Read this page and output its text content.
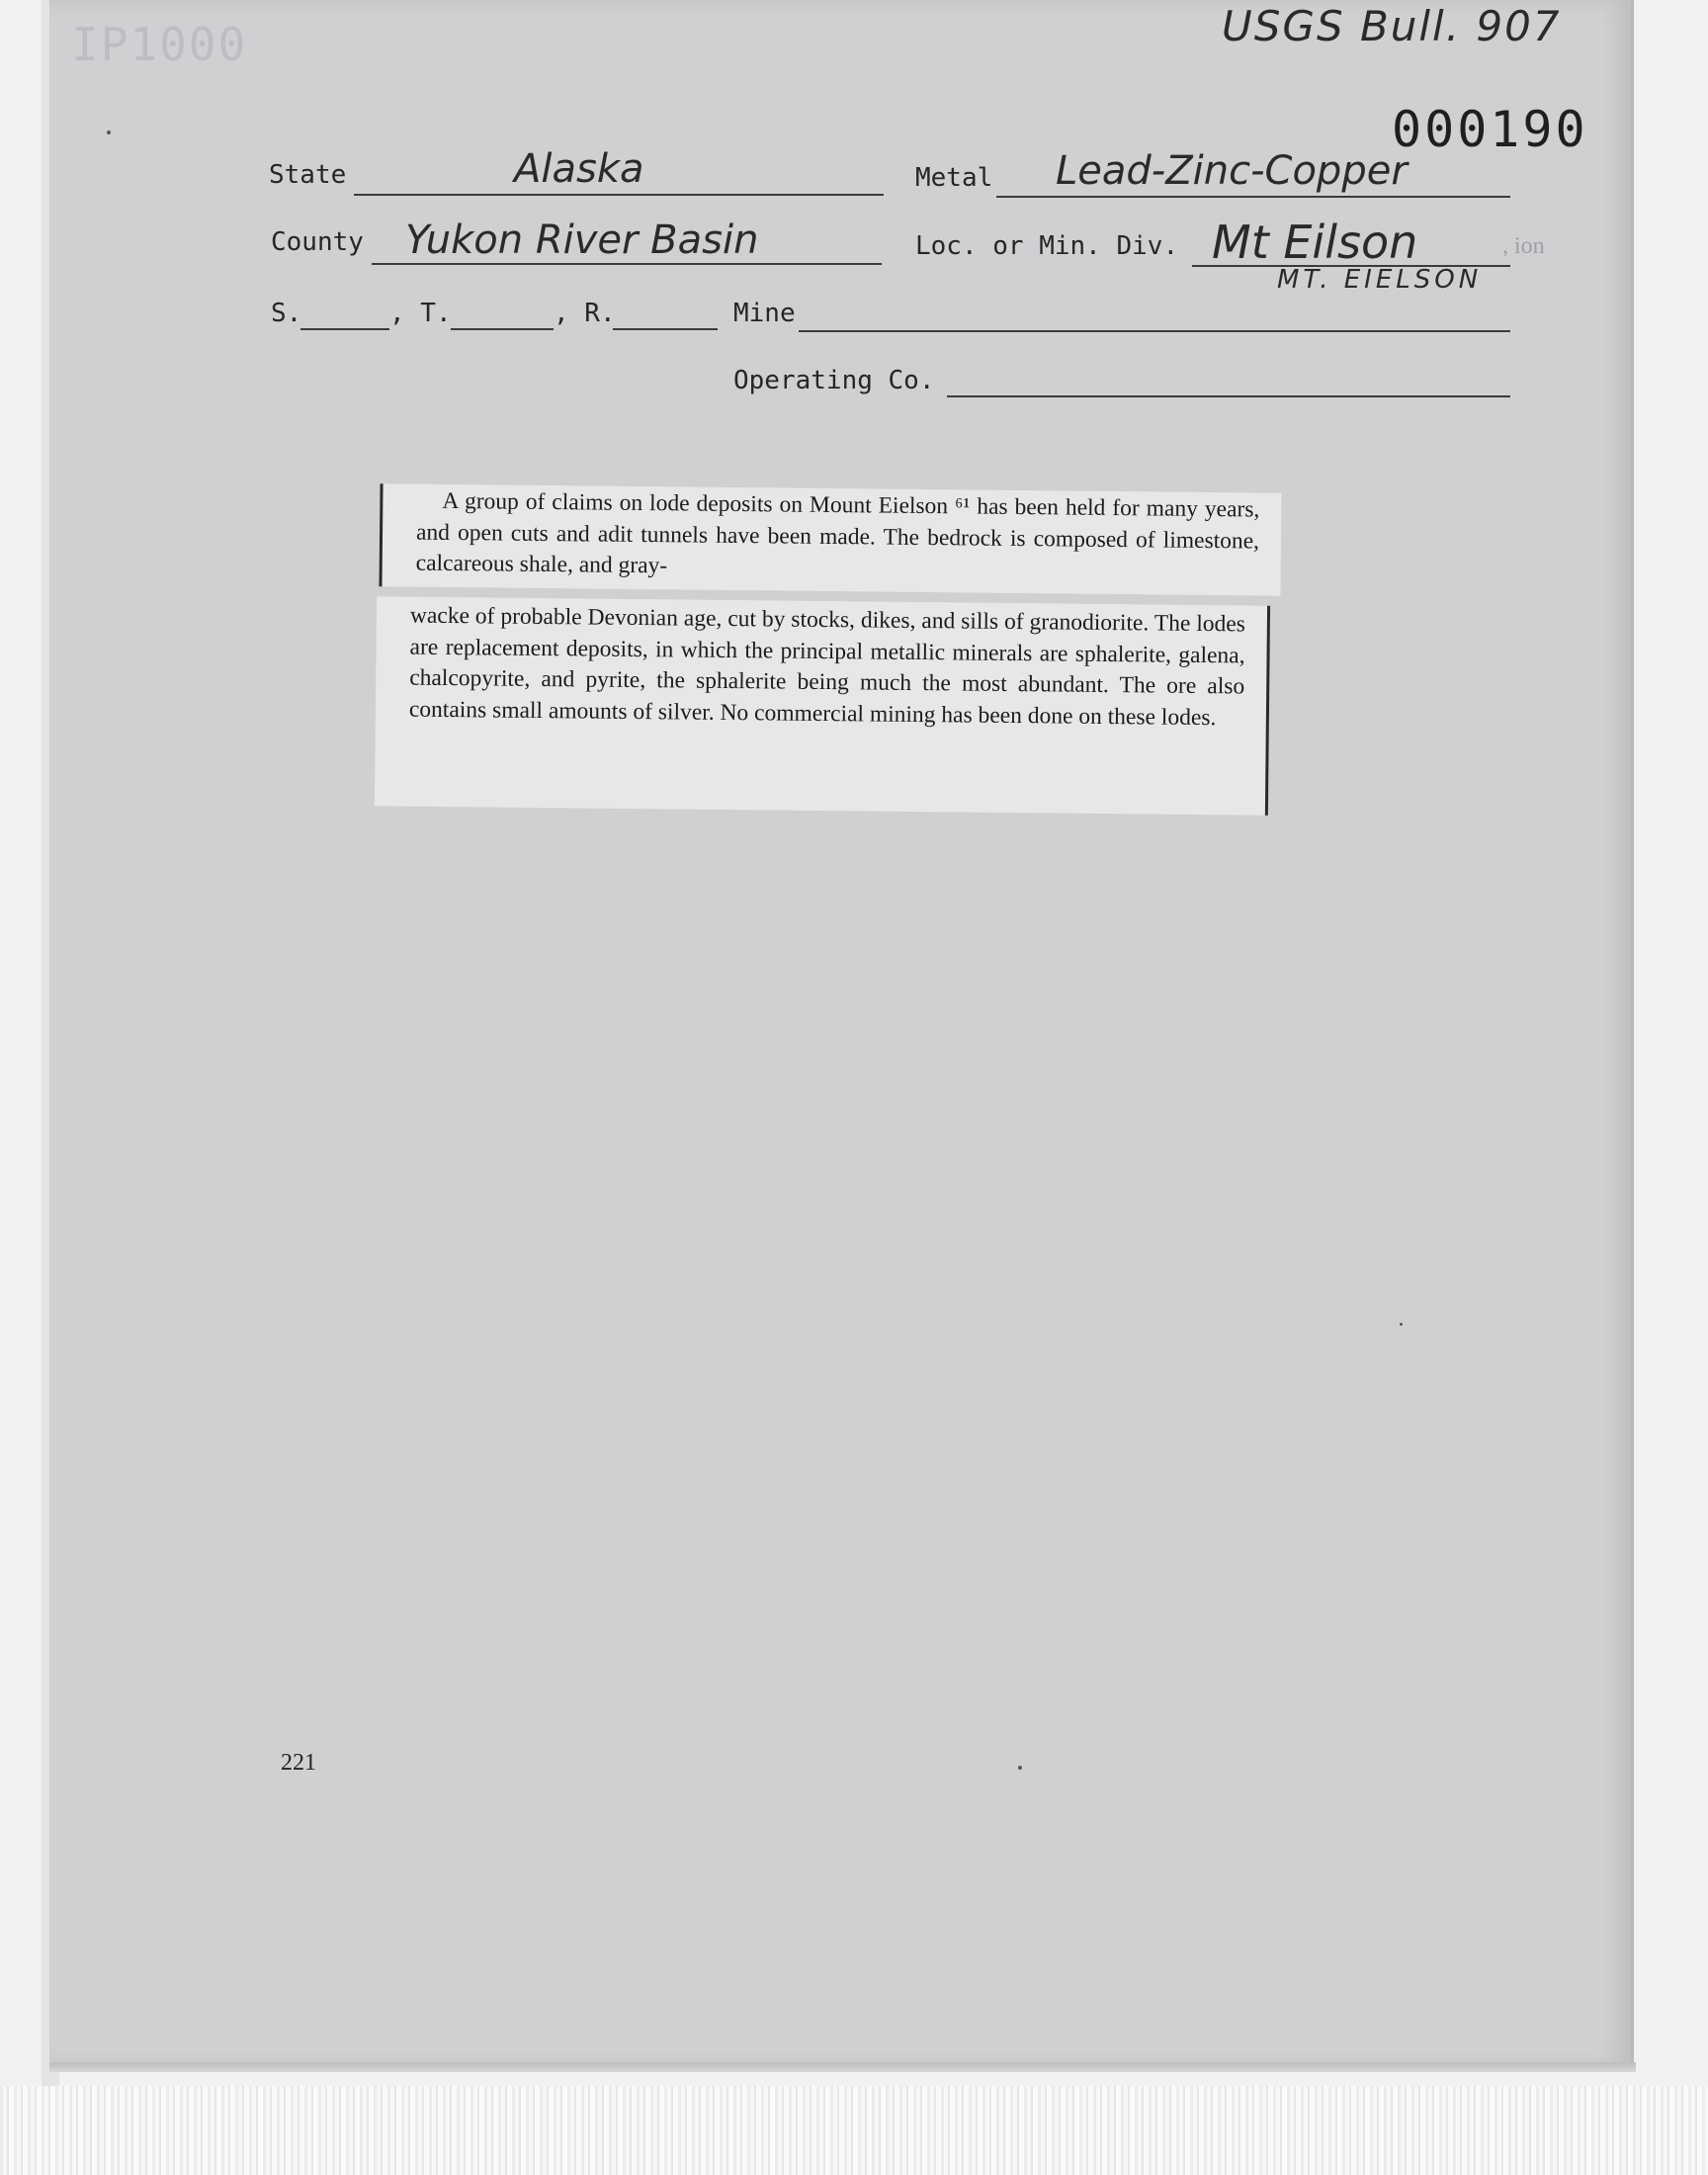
IP1000	USGS Bull. 907
000190
State	Alaska	Metal Lead-Zinc-Copper
County Yukon River Basin	Loc. or Min. Div. Mt Eilson
MT. EIELSON
, ion
S.	, T.	, R.	Mine
Operating Co.

A group of claims on lode deposits on Mount Eielson ⁶¹ has been held for many years, and open cuts and adit tunnels have been made. The bedrock is composed of limestone, calcareous shale, and gray-

wacke of probable Devonian age, cut by stocks, dikes, and sills of granodiorite. The lodes are replacement deposits, in which the principal metallic minerals are sphalerite, galena, chalcopyrite, and pyrite, the sphalerite being much the most abundant. The ore also contains small amounts of silver. No commercial mining has been done on these lodes.

221
